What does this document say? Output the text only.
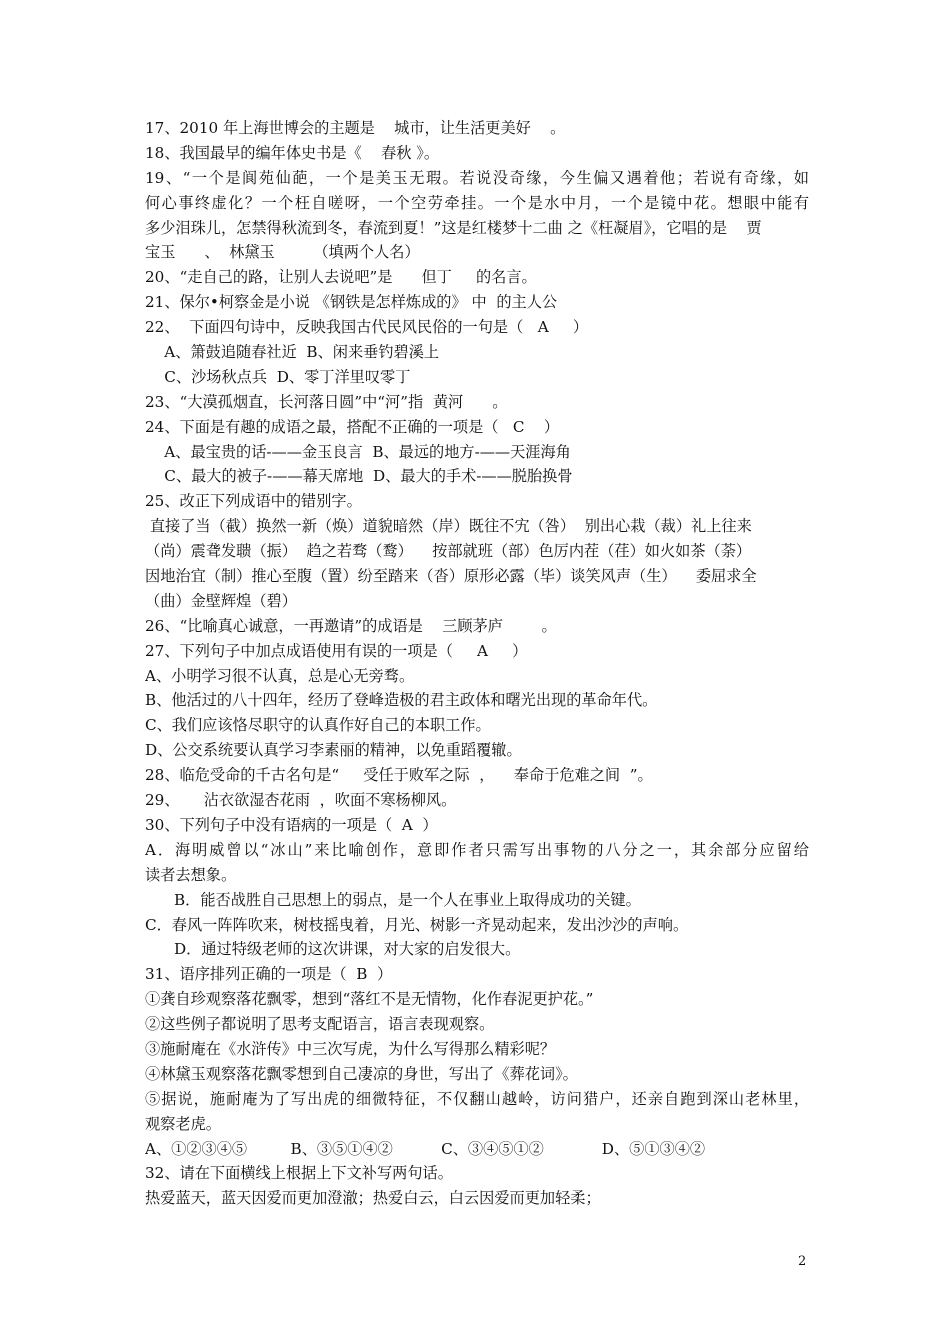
17、2010 年上海世博会的主题是    城市，让生活更美好    。
18、我国最早的编年体史书是《    春秋 》。
19、“一个是阆苑仙葩，一个是美玉无瑕。若说没奇缘，今生偏又遇着他；若说有奇缘，如
何心事终虚化？一个枉自嗟呀，一个空劳牵挂。一个是水中月，一个是镜中花。想眼中能有
多少泪珠儿，怎禁得秋流到冬，春流到夏！”这是红楼梦十二曲 之《枉凝眉》，它唱的是    贾
宝玉      、  林黛玉        （填两个人名）
20、“走自己的路，让别人去说吧”是      但丁     的名言。
21、保尔•柯察金是小说 《钢铁是怎样炼成的》 中  的主人公
22、  下面四句诗中，反映我国古代民风民俗的一句是（   A     ）
A、箫鼓追随春社近  B、闲来垂钓碧溪上
C、沙场秋点兵  D、零丁洋里叹零丁
23、“大漠孤烟直，长河落日圆”中“河”指  黄河      。
24、下面是有趣的成语之最，搭配不正确的一项是（   C    ）
A、最宝贵的话-——金玉良言  B、最远的地方-——天涯海角
C、最大的被子-——幕天席地  D、最大的手术-——脱胎换骨
25、改正下列成语中的错别字。
直接了当（截）换然一新（焕）道貌暗然（岸）既往不宄（咎）  别出心栽（裁）礼上往来
（尚）震聋发聩（振）  趋之若骛（鹜）    按部就班（部）色厉内茬（荏）如火如茶（荼）
因地治宜（制）推心至腹（置）纷至踏来（沓）原形必露（毕）谈笑风声（生）    委屈求全
（曲）金壁辉煌（碧）
26、“比喻真心诚意，一再邀请”的成语是    三顾茅庐        。
27、下列句子中加点成语使用有误的一项是（     A     ）
A、小明学习很不认真，总是心无旁骛。
B、他活过的八十四年，经历了登峰造极的君主政体和曙光出现的革命年代。
C、我们应该恪尽职守的认真作好自己的本职工作。
D、公交系统要认真学习李素丽的精神，以免重蹈覆辙。
28、临危受命的千古名句是“     受任于败军之际  ，    奉命于危难之间  ”。
29、     沾衣欲湿杏花雨  ，吹面不寒杨柳风。
30、下列句子中没有语病的一项是（  A  ）
A．海明威曾以“冰山”来比喻创作，意即作者只需写出事物的八分之一，其余部分应留给
读者去想象。
B．能否战胜自己思想上的弱点，是一个人在事业上取得成功的关键。
C．春风一阵阵吹来，树枝摇曳着，月光、树影一齐晃动起来，发出沙沙的声响。
D．通过特级老师的这次讲课，对大家的启发很大。
31、语序排列正确的一项是（  B  ）
①龚自珍观察落花飘零，想到“落红不是无情物，化作春泥更护花。”
②这些例子都说明了思考支配语言，语言表现观察。
③施耐庵在《水浒传》中三次写虎，为什么写得那么精彩呢？
④林黛玉观察落花飘零想到自己凄凉的身世，写出了《葬花词》。
⑤据说，施耐庵为了写出虎的细微特征，不仅翻山越岭，访问猎户，还亲自跑到深山老林里，
观察老虎。
A、①②③④⑤         B、③⑤①④②          C、③④⑤①②            D、⑤①③④②
32、请在下面横线上根据上下文补写两句话。
热爱蓝天，蓝天因爱而更加澄澈；热爱白云，白云因爱而更加轻柔；
2
